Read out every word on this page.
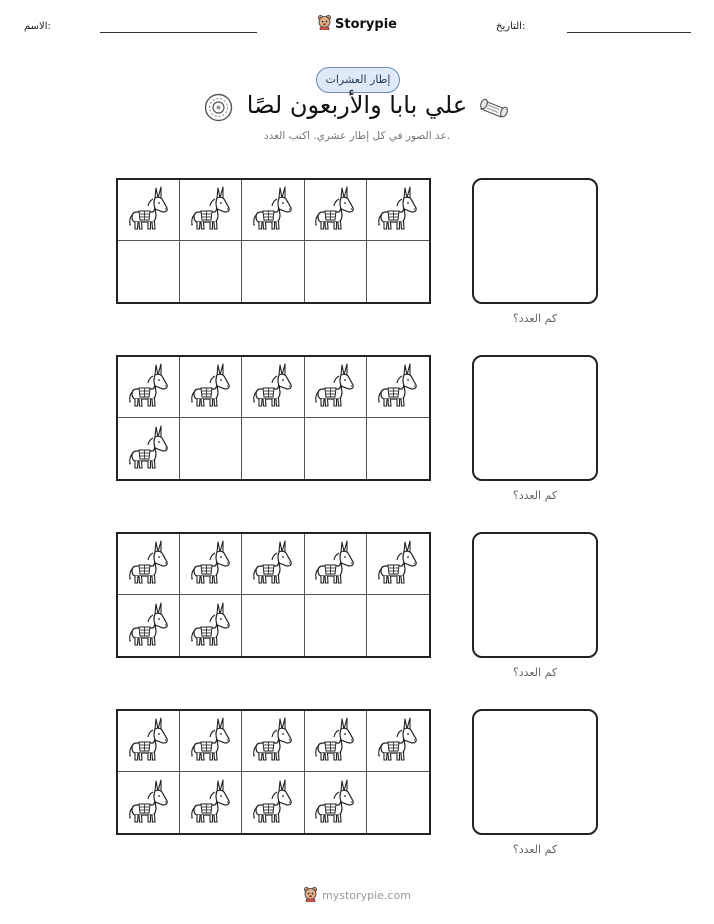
الاسم:	Storypie	التاريخ:
إطار العشرات
علي بابا والأربعون لصًا
عد الصور في كل إطار عشري. اكتب العدد.
كم العدد؟
كم العدد؟
كم العدد؟
كم العدد؟
mystorypie.com
